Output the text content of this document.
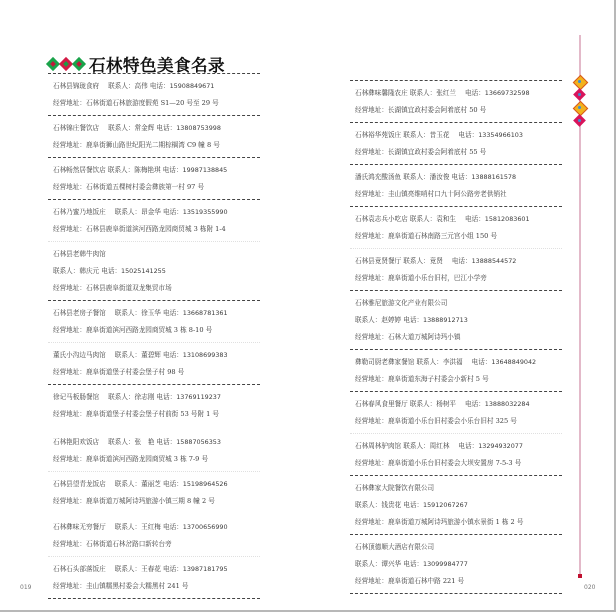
石林特色美食名录
石林县锦珑食府 联系人：高伟 电话：15908849671
经营地址：石林街道石林旅游度假苑 S1—20 号至 29 号
石林锦庄餐饮店 联系人：常金辉 电话：13808753998
经营地址：鹿阜街狮山路世纪阳光二期棕榈湾 C9 幢 8 号
石林畅然居餐饮店 联系人：陈梅艳琪 电话：19987138845
经营地址：石林街道五棵树村委会彝族第一村 97 号
石林乃蜜乃地饭庄 联系人：昂金华 电话：13519355990
经营地址：石林县鹿阜街道滨河西路龙园商贸城 3 栋附 1-4
石林县老韩牛肉馆
联系人：韩庆元 电话：15025141255
经营地址：石林县鹿阜街道双龙集贸市场
石林县老房子餐馆 联系人：徐玉华 电话：13668781361
经营地址：鹿阜街道滨河西路龙园商贸城 3 栋 8-10 号
董氏小沟边马肉馆 联系人：董碧辉 电话：13108699383
经营地址：鹿阜街道堡子村委会堡子村 98 号
徐记马板肠餐馆 联系人：徐志刚 电话：13769119237
经营地址：鹿阜街道堡子村委会堡子村前街 53 号附 1 号
石林艳阳欢饭店 联系人：张　艳 电话：15887056353
经营地址：鹿阜街道滨河西路龙园商贸城 3 栋 7-9 号
石林县望青龙饭店 联系人：董丽芝 电话：15198964526
经营地址：鹿阜街道万城阿诗玛旅游小镇三期 8 幢 2 号
石林彝味无穷餐厅 联系人：王红梅 电话：13700656990
经营地址：石林街道石林岔路口新转台旁
石林石头部落饭庄 联系人：王春花 电话：13987181795
经营地址：圭山镇糯黑村委会大糯黑村 241 号
石林彝味馨隆农庄 联系人：张红兰 电话：13669732598
经营地址：长湖镇宜政村委会阿着底村 50 号
石林裕华苑饭庄 联系人：昔玉花 电话：13354966103
经营地址：长湖镇宜政村委会阿着底村 55 号
潘氏鸿充酸汤鱼 联系人：潘汝俊 电话：13888161578
经营地址：圭山镇亮维哨村口九十阿公路旁老供销社
石林袁志兵小吃店 联系人：袁和生 电话：15812083601
经营地址：鹿阜街道石林南路三元宫小组 150 号
石林县竟贤餐厅 联系人：竟贤 电话：13888544572
经营地址：鹿阜街道小乐台旧村，巴江小学旁
石林雅尼旅游文化产业有限公司
联系人：赵婷婷 电话：13888912713
经营地址：石林大道万城阿诗玛小镇
彝勒司厨老彝家餐馆 联系人：李洪福 电话：13648849042
经营地址：鹿阜街道东海子村委会小新村 5 号
石林春风食里餐厅 联系人：杨树平 电话：13888032284
经营地址：鹿阜街道小乐台旧村委会小乐台旧村 325 号
石林周林驴肉馆 联系人：周红林 电话：13294932077
经营地址：鹿阜街道小乐台旧村委会大坝安置房 7-5-3 号
石林彝家大院餐饮有限公司
联系人：钱贵花 电话：15912067267
经营地址：鹿阜街道万城阿诗玛旅游小镇水景街 1 栋 2 号
石林顶德顺大酒店有限公司
联系人：谭兴华 电话：13099984777
经营地址：鹿阜街道石林中路 221 号
019	020
